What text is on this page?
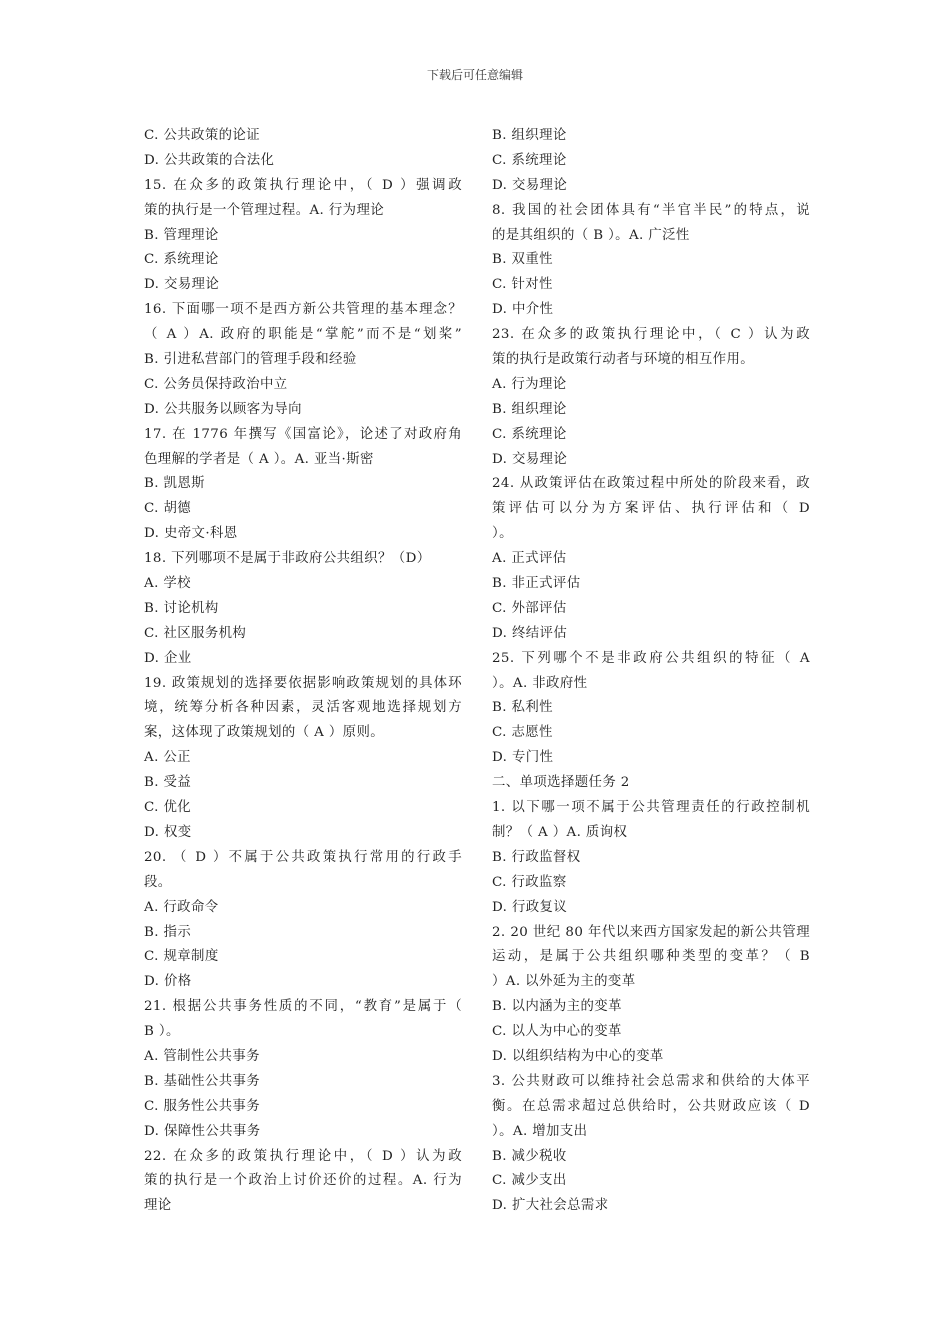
下载后可任意编辑
C. 公共政策的论证
D. 公共政策的合法化
15. 在众多的政策执行理论中，（ D ）强调政
策的执行是一个管理过程。A. 行为理论
B. 管理理论
C. 系统理论
D. 交易理论
16. 下面哪一项不是西方新公共管理的基本理念？
（ A ）A. 政府的职能是“掌舵”而不是“划桨”
B. 引进私营部门的管理手段和经验
C. 公务员保持政治中立
D. 公共服务以顾客为导向
17. 在 1776 年撰写《国富论》，论述了对政府角
色理解的学者是（ A ）。A. 亚当·斯密
B. 凯恩斯
C. 胡德
D. 史帝文·科恩
18. 下列哪项不是属于非政府公共组织？（D）
A. 学校
B. 讨论机构
C. 社区服务机构
D. 企业
19. 政策规划的选择要依据影响政策规划的具体环
境，统筹分析各种因素，灵活客观地选择规划方
案，这体现了政策规划的（ A ）原则。
A. 公正
B. 受益
C. 优化
D. 权变
20. （ D ）不属于公共政策执行常用的行政手
段。
A. 行政命令
B. 指示
C. 规章制度
D. 价格
21. 根据公共事务性质的不同，“教育”是属于（
B ）。
A. 管制性公共事务
B. 基础性公共事务
C. 服务性公共事务
D. 保障性公共事务
22. 在众多的政策执行理论中，（ D ）认为政
策的执行是一个政治上讨价还价的过程。A. 行为
理论
B. 组织理论
C. 系统理论
D. 交易理论
8. 我国的社会团体具有“半官半民”的特点，说
的是其组织的（ B ）。A. 广泛性
B. 双重性
C. 针对性
D. 中介性
23. 在众多的政策执行理论中，（ C ）认为政
策的执行是政策行动者与环境的相互作用。
A. 行为理论
B. 组织理论
C. 系统理论
D. 交易理论
24. 从政策评估在政策过程中所处的阶段来看，政
策评估可以分为方案评估、执行评估和（ D
）。
A. 正式评估
B. 非正式评估
C. 外部评估
D. 终结评估
25. 下列哪个不是非政府公共组织的特征（ A
）。A. 非政府性
B. 私利性
C. 志愿性
D. 专门性
二、单项选择题任务 2
1. 以下哪一项不属于公共管理责任的行政控制机
制？（ A ）A. 质询权
B. 行政监督权
C. 行政监察
D. 行政复议
2. 20 世纪 80 年代以来西方国家发起的新公共管理
运动，是属于公共组织哪种类型的变革？（ B
）A. 以外延为主的变革
B. 以内涵为主的变革
C. 以人为中心的变革
D. 以组织结构为中心的变革
3. 公共财政可以维持社会总需求和供给的大体平
衡。在总需求超过总供给时，公共财政应该（ D
）。A. 增加支出
B. 减少税收
C. 减少支出
D. 扩大社会总需求
